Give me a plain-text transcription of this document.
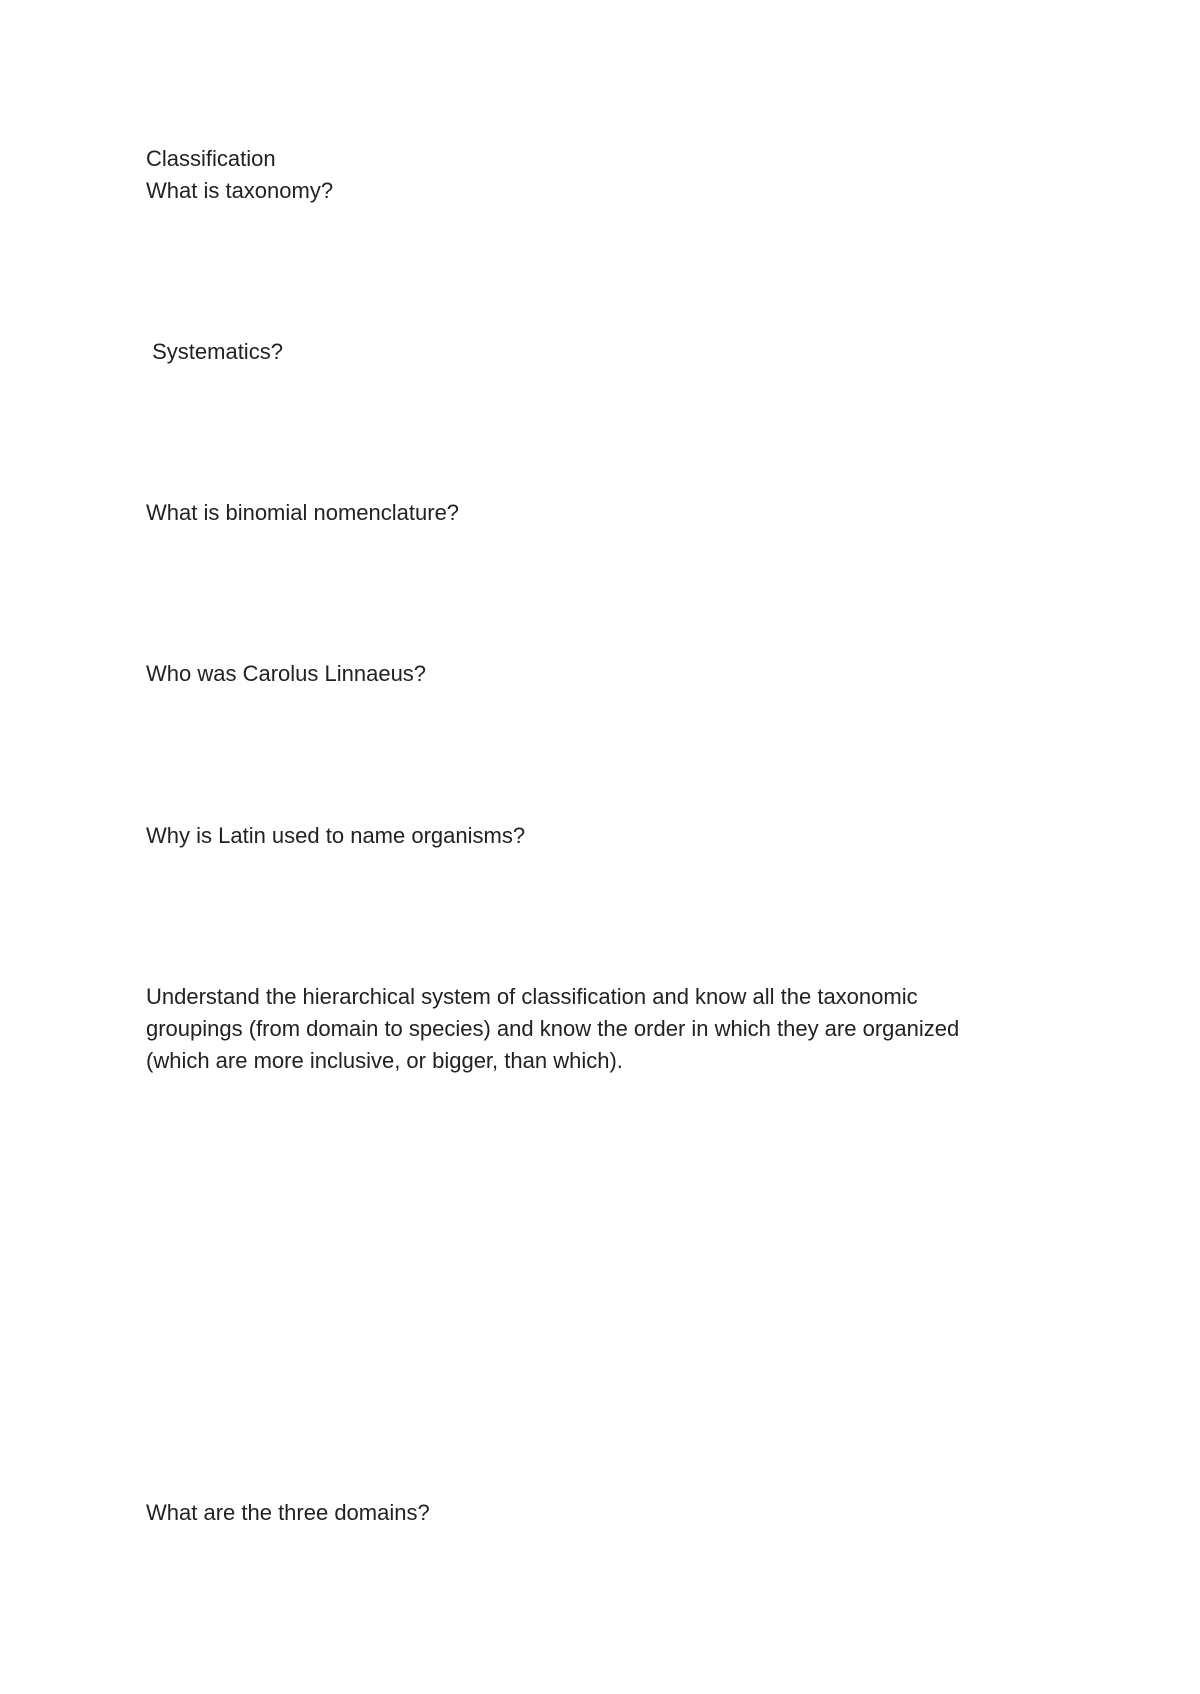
Classification

What is taxonomy?

Systematics?

What is binomial nomenclature?

Who was Carolus Linnaeus?

Why is Latin used to name organisms?

Understand the hierarchical system of classification and know all the taxonomic
groupings (from domain to species) and know the order in which they are organized
(which are more inclusive, or bigger, than which).

What are the three domains?
